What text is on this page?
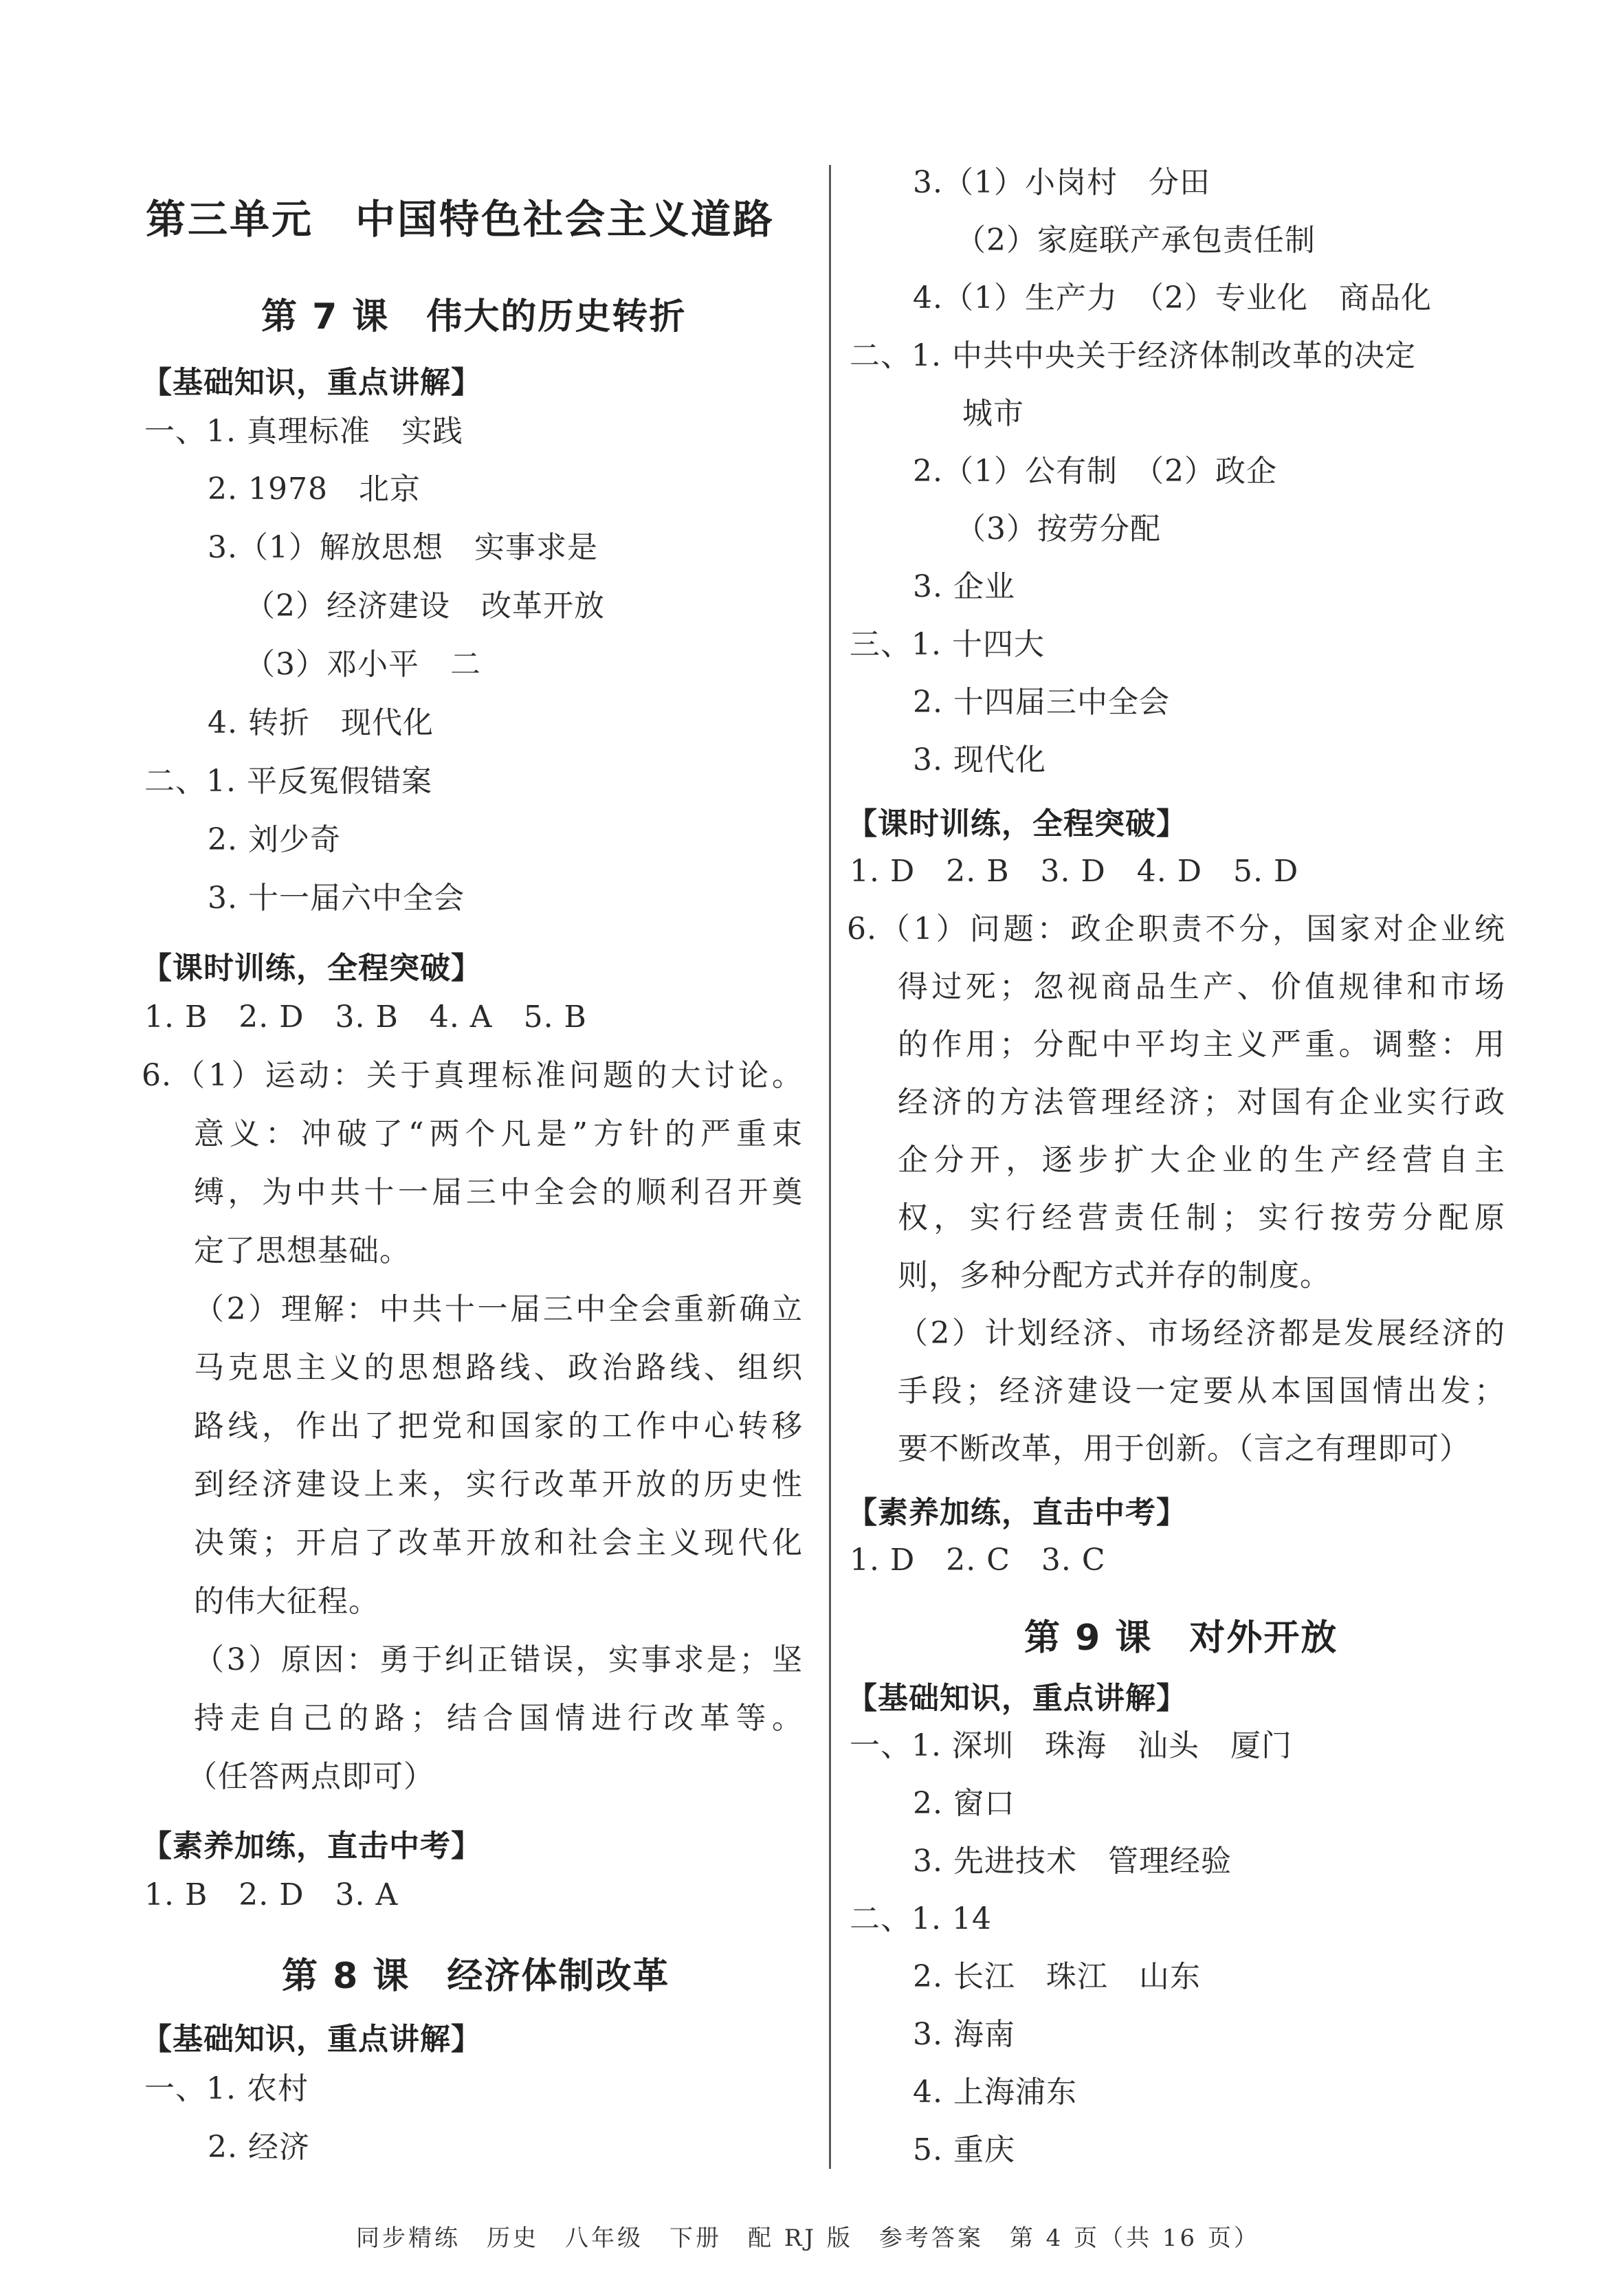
第三单元　中国特色社会主义道路
第 7 课　伟大的历史转折
【基础知识，重点讲解】
一、1. 真理标准　实践
2. 1978　北京
3.（1）解放思想　实事求是
（2）经济建设　改革开放
（3）邓小平　二
4. 转折　现代化
二、1. 平反冤假错案
2. 刘少奇
3. 十一届六中全会
【课时训练，全程突破】
1. B　2. D　3. B　4. A　5. B
6.（1）运动：关于真理标准问题的大讨论。
意义：冲破了“两个凡是”方针的严重束
缚，为中共十一届三中全会的顺利召开奠
定了思想基础。
（2）理解：中共十一届三中全会重新确立
马克思主义的思想路线、政治路线、组织
路线，作出了把党和国家的工作中心转移
到经济建设上来，实行改革开放的历史性
决策；开启了改革开放和社会主义现代化
的伟大征程。
（3）原因：勇于纠正错误，实事求是；坚
持走自己的路；结合国情进行改革等。
（任答两点即可）
【素养加练，直击中考】
1. B　2. D　3. A
第 8 课　经济体制改革
【基础知识，重点讲解】
一、1. 农村
2. 经济
3.（1）小岗村　分田
（2）家庭联产承包责任制
4.（1）生产力　（2）专业化　商品化
二、1. 中共中央关于经济体制改革的决定
城市
2.（1）公有制　（2）政企
（3）按劳分配
3. 企业
三、1. 十四大
2. 十四届三中全会
3. 现代化
【课时训练，全程突破】
1. D　2. B　3. D　4. D　5. D
6.（1）问题：政企职责不分，国家对企业统
得过死；忽视商品生产、价值规律和市场
的作用；分配中平均主义严重。调整：用
经济的方法管理经济；对国有企业实行政
企分开，逐步扩大企业的生产经营自主
权，实行经营责任制；实行按劳分配原
则，多种分配方式并存的制度。
（2）计划经济、市场经济都是发展经济的
手段；经济建设一定要从本国国情出发；
要不断改革，用于创新。（言之有理即可）
【素养加练，直击中考】
1. D　2. C　3. C
第 9 课　对外开放
【基础知识，重点讲解】
一、1. 深圳　珠海　汕头　厦门
2. 窗口
3. 先进技术　管理经验
二、1. 14
2. 长江　珠江　山东
3. 海南
4. 上海浦东
5. 重庆
同步精练　历史　八年级　下册　配 RJ 版　参考答案　第 4 页（共 16 页）
